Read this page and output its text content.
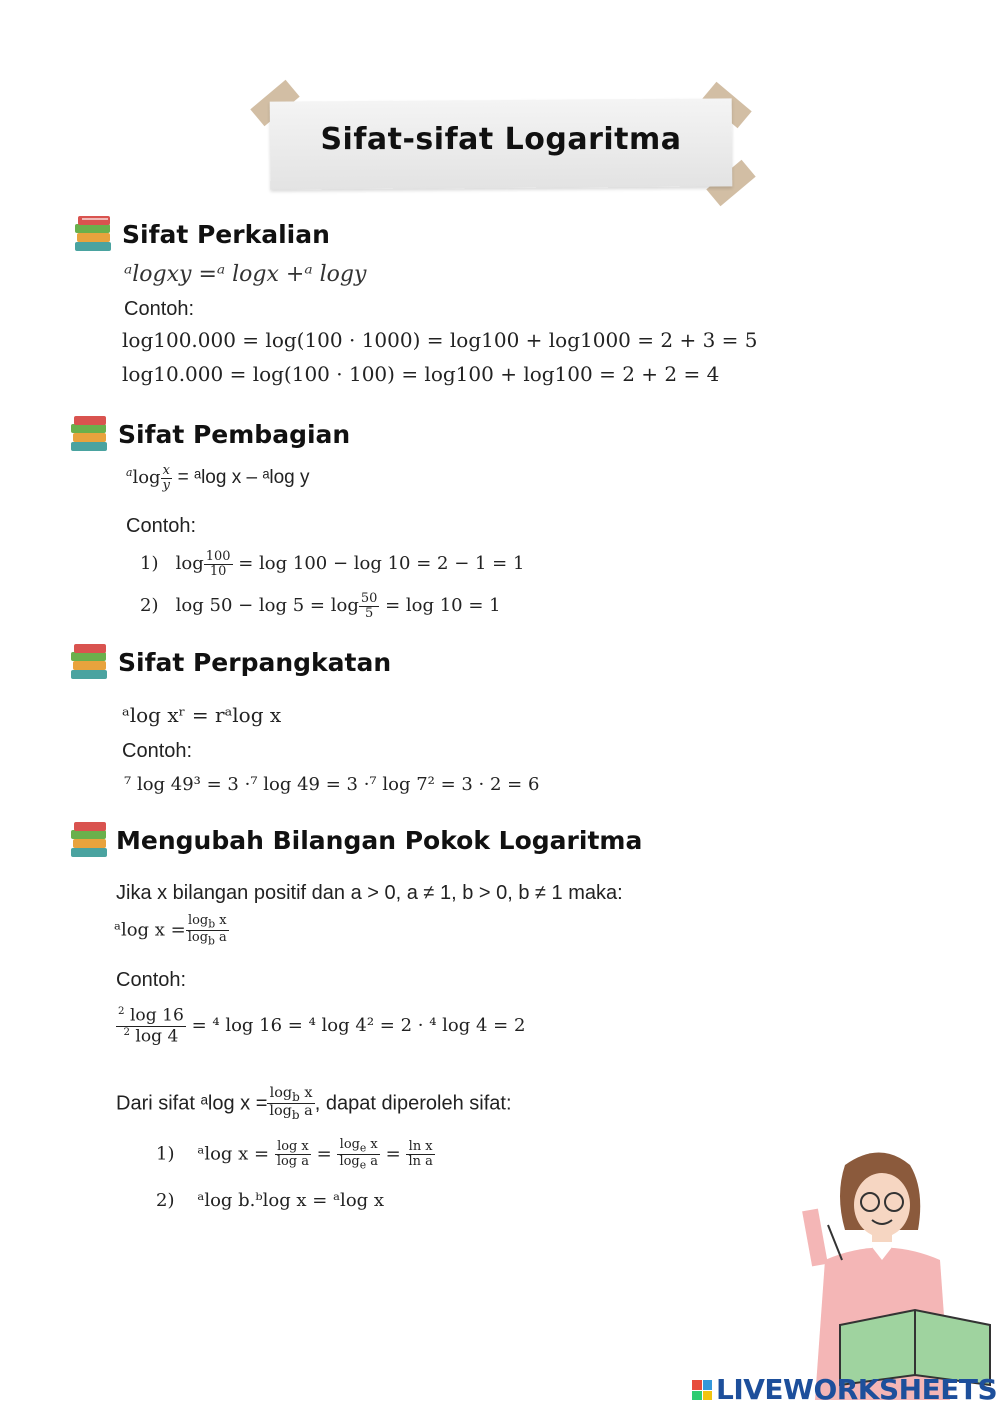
Sifat-sifat Logaritma
Sifat Perkalian
ᵃlogxy =ᵃ logx +ᵃ logy
Contoh:
log100.000 = log(100 · 1000) = log100 + log1000 = 2 + 3 = 5
log10.000 = log(100 · 100) = log100 + log100 = 2 + 2 = 4
Sifat Pembagian
$^a\log \frac{x}{y}$ = ᵃlog x – ᵃlog y
Contoh:
1)   $\log \frac{100}{10} = \log 100 - \log 10 = 2 - 1 = 1$
2) $\log 50 - \log 5 = \log \frac{50}{5} = \log 10 = 1$
Sifat Perpangkatan
ᵃlog xʳ = rᵃlog x
Contoh:
⁷ log 49³ = 3 ·⁷ log 49 = 3 ·⁷ log 7² = 3 · 2 = 6
Mengubah Bilangan Pokok Logaritma
Jika x bilangan positif dan a > 0, a ≠ 1, b > 0, b ≠ 1 maka:
ᵃlog $x = \frac{\log_b x}{\log_b a}$
Contoh:
$\frac{^2 \log 16}{^2 \log 4} = ^4$ log 16 = ⁴ log 4² = 2 · ⁴ log 4 = 2
Dari sifat ᵃlog $x = \frac{\log_b x}{\log_b a}$ , dapat diperoleh sifat:
1) ᵃlog $x = \frac{\text{log x}}{\text{log a}} = \frac{\log_e x}{\log_e a} = \frac{\text{ln x}}{\text{ln a}}$
2) ᵃlog b.ᵇlog x = ᵃlog x
LIVEWORKSHEETS
